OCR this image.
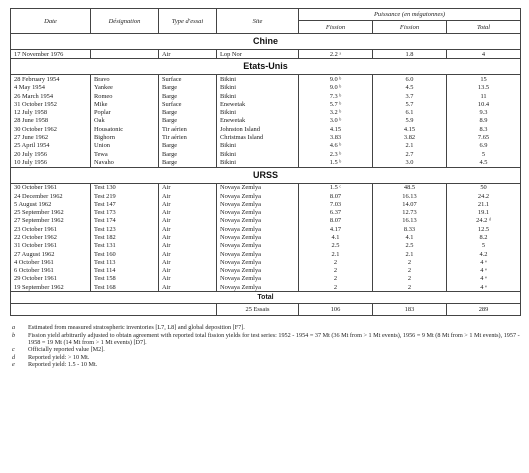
Date	Désignation	Type d'essai	Site	Puissance (en mégatonnes)		
				Fission	Fission	Total
Chine						
17 November 1976		Air	Lop Nor	2.2 ᵃ	1.8	4
Etats-Unis						
28 February 1954	Bravo	Surface	Bikini	9.0 ᵇ	6.0	15
4 May 1954	Yankee	Barge	Bikini	9.0 ᵇ	4.5	13.5
26 March 1954	Romeo	Barge	Bikini	7.3 ᵇ	3.7	11
31 October 1952	Mike	Surface	Enewetak	5.7 ᵇ	5.7	10.4
12 July 1958	Poplar	Barge	Bikini	3.2 ᵇ	6.1	9.3
28 June 1958	Oak	Barge	Enewetak	3.0 ᵇ	5.9	8.9
30 October 1962	Housatonic	Tir aérien	Johnston Island	4.15	4.15	8.3
27 June 1962	Bighorn	Tir aérien	Christmas Island	3.83	3.82	7.65
25 April 1954	Union	Barge	Bikini	4.6 ᵇ	2.1	6.9
20 July 1956	Tewa	Barge	Bikini	2.3 ᵇ	2.7	5
10 July 1956	Navaho	Barge	Bikini	1.5 ᵇ	3.0	4.5
URSS						
30 October 1961	Test 130	Air	Novaya Zemlya	1.5 ᶜ	48.5	50
24 December 1962	Test 219	Air	Novaya Zemlya	8.07	16.13	24.2
5 August 1962	Test 147	Air	Novaya Zemlya	7.03	14.07	21.1
25 September 1962	Test 173	Air	Novaya Zemlya	6.37	12.73	19.1
27 September 1962	Test 174	Air	Novaya Zemlya	8.07	16.13	24.2 ᵈ
23 October 1961	Test 123	Air	Novaya Zemlya	4.17	8.33	12.5
22 October 1962	Test 182	Air	Novaya Zemlya	4.1	4.1	8.2
31 October 1961	Test 131	Air	Novaya Zemlya	2.5	2.5	5
27 August 1962	Test 160	Air	Novaya Zemlya	2.1	2.1	4.2
4 October 1961	Test 113	Air	Novaya Zemlya	2	2	4 ᵉ
6 October 1961	Test 114	Air	Novaya Zemlya	2	2	4 ᵉ
29 October 1961	Test 158	Air	Novaya Zemlya	2	2	4 ᵉ
19 September 1962	Test 168	Air	Novaya Zemlya	2	2	4 ᵉ
Total						
			25 Essais	106	183	289
a	Estimated from measured stratospheric inventories [L7, L8] and global deposition [F7].
b	Fission yield arbitrarily adjusted to obtain agreement with reported total fission yields for test series: 1952 - 1954 = 37 Mt (36 Mt from > 1 Mt events), 1956 = 9 Mt (8 Mt from > 1 Mt events), 1957 - 1958 = 19 Mt (14 Mt from > 1 Mt events) [D7].
c	Officially reported value [M2].
d	Reported yield: > 10 Mt.
e	Reported yield: 1.5 - 10 Mt.
